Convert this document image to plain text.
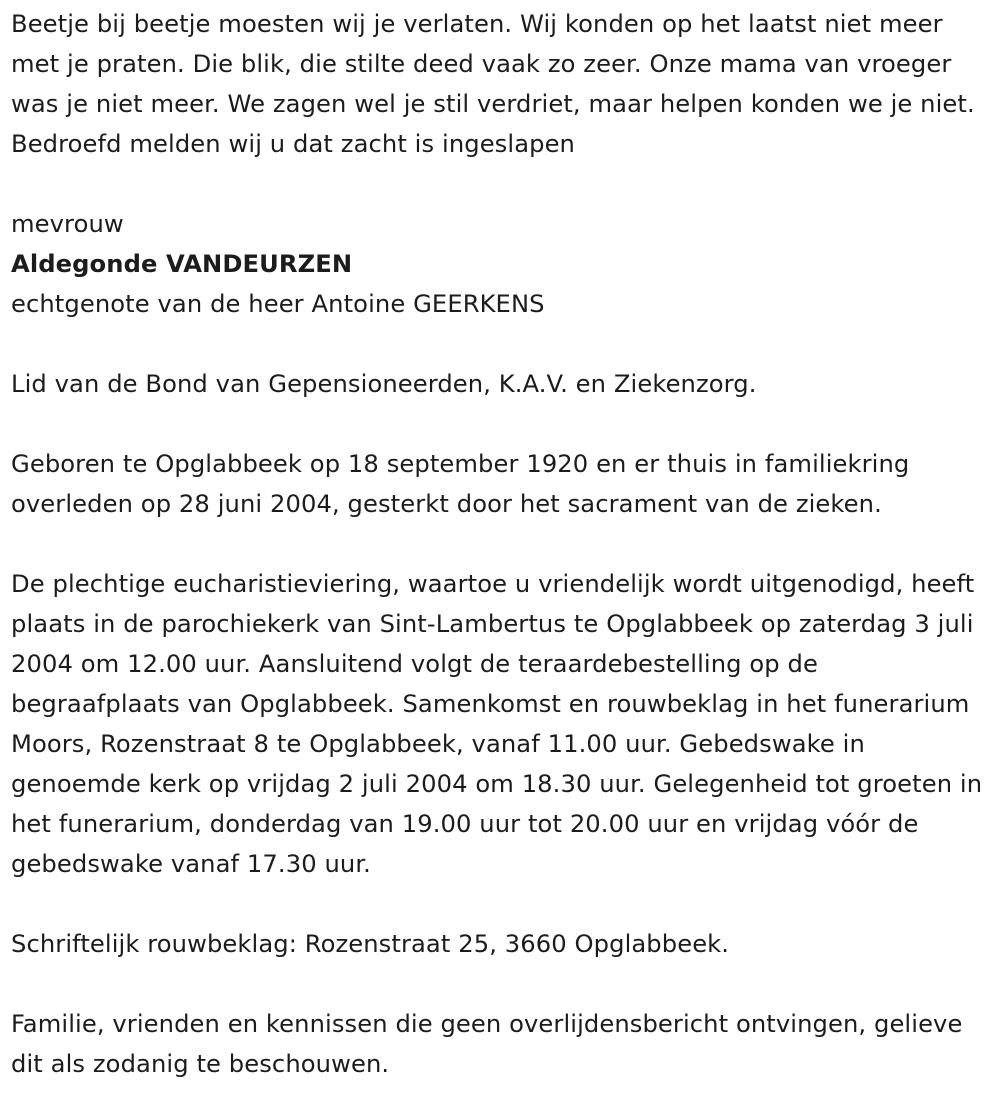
Beetje bij beetje moesten wij je verlaten. Wij konden op het laatst niet meer met je praten. Die blik, die stilte deed vaak zo zeer. Onze mama van vroeger was je niet meer. We zagen wel je stil verdriet, maar helpen konden we je niet. Bedroefd melden wij u dat zacht is ingeslapen

mevrouw

Aldegonde VANDEURZEN

echtgenote van de heer Antoine GEERKENS

Lid van de Bond van Gepensioneerden, K.A.V. en Ziekenzorg.

Geboren te Opglabbeek op 18 september 1920 en er thuis in familiekring overleden op 28 juni 2004, gesterkt door het sacrament van de zieken.

De plechtige eucharistieviering, waartoe u vriendelijk wordt uitgenodigd, heeft plaats in de parochiekerk van Sint-Lambertus te Opglabbeek op zaterdag 3 juli 2004 om 12.00 uur. Aansluitend volgt de teraardebestelling op de begraafplaats van Opglabbeek. Samenkomst en rouwbeklag in het funerarium Moors, Rozenstraat 8 te Opglabbeek, vanaf 11.00 uur. Gebedswake in genoemde kerk op vrijdag 2 juli 2004 om 18.30 uur. Gelegenheid tot groeten in het funerarium, donderdag van 19.00 uur tot 20.00 uur en vrijdag vóór de gebedswake vanaf 17.30 uur.

Schriftelijk rouwbeklag: Rozenstraat 25, 3660 Opglabbeek.

Familie, vrienden en kennissen die geen overlijdensbericht ontvingen, gelieve dit als zodanig te beschouwen.
